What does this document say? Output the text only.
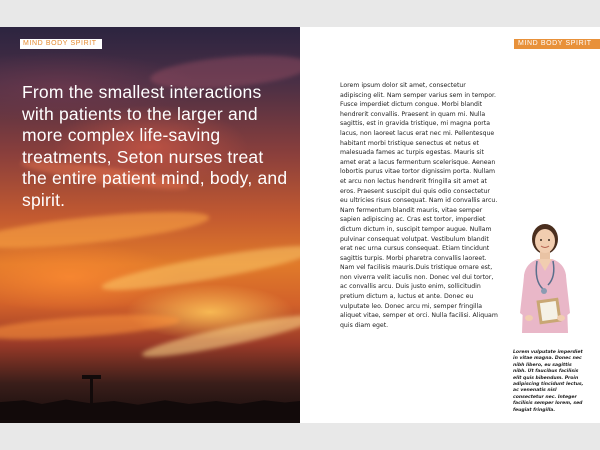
MIND BODY SPIRIT
From the smallest interactions with patients to the larger and more complex life-saving treatments, Seton nurses treat the entire patient mind, body, and spirit.
MIND BODY SPIRIT
Lorem ipsum dolor sit amet, consectetur adipiscing elit. Nam semper varius sem in tempor. Fusce imperdiet dictum congue. Morbi blandit hendrerit convallis. Praesent in quam mi. Nulla sagittis, est in gravida tristique, mi magna porta lacus, non laoreet lacus erat nec mi. Pellentesque habitant morbi tristique senectus et netus et malesuada fames ac turpis egestas. Mauris sit amet erat a lacus fermentum scelerisque. Aenean lobortis purus vitae tortor dignissim porta. Nullam et arcu non lectus hendrerit fringilla sit amet at eros. Praesent suscipit dui quis odio consectetur eu ultricies risus consequat. Nam id convallis arcu. Nam fermentum blandit mauris, vitae semper sapien adipiscing ac. Cras est tortor, imperdiet dictum dictum in, suscipit tempor augue. Nullam pulvinar consequat volutpat. Vestibulum blandit erat nec urna cursus consequat. Etiam tincidunt sagittis turpis. Morbi pharetra convallis laoreet. Nam vel facilisis mauris.Duis tristique ornare est, non viverra velit iaculis non. Donec vel dui tortor, ac convallis arcu. Duis justo enim, sollicitudin pretium dictum a, luctus et ante. Donec eu vulputate leo. Donec arcu mi, semper fringilla aliquet vitae, semper et orci. Nulla facilisi. Aliquam quis diam eget.
Lorem vulputate imperdiet in vitae magna. Donec nec nibh libero, eu sagittis nibh. Ut faucibus facilisis elit quis bibendum. Proin adipiscing tincidunt lectus, ac venenatis nisl consectetur nec. Integer facilisis semper lorem, sed feugiat fringilla.
